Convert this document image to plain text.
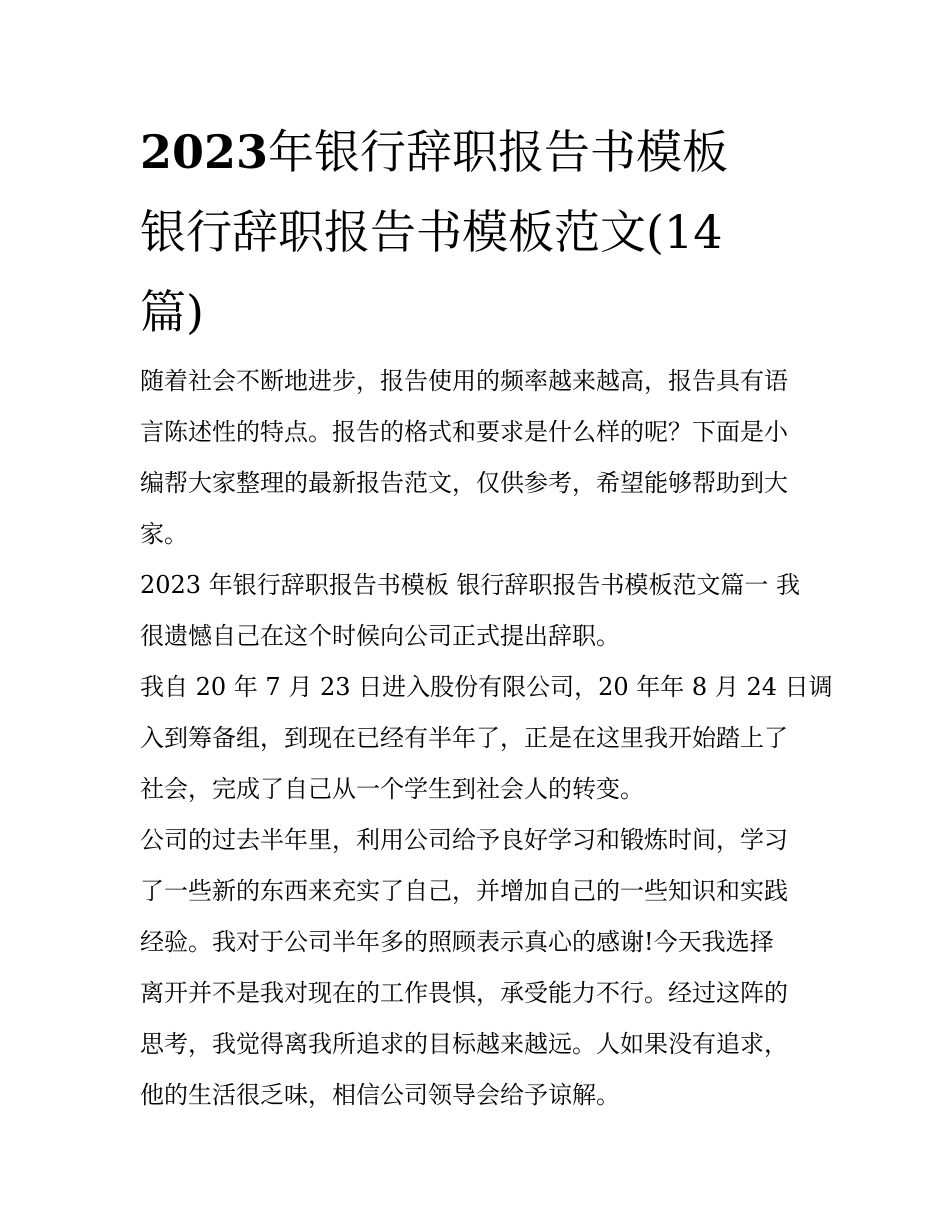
2023年银行辞职报告书模板
银行辞职报告书模板范文(14
篇)
随着社会不断地进步，报告使用的频率越来越高，报告具有语
言陈述性的特点。报告的格式和要求是什么样的呢？下面是小
编帮大家整理的最新报告范文，仅供参考，希望能够帮助到大
家。
2023 年银行辞职报告书模板 银行辞职报告书模板范文篇一 我
很遗憾自己在这个时候向公司正式提出辞职。
我自 20 年 7 月 23 日进入股份有限公司，20 年年 8 月 24 日调
入到筹备组，到现在已经有半年了，正是在这里我开始踏上了
社会，完成了自己从一个学生到社会人的转变。
公司的过去半年里，利用公司给予良好学习和锻炼时间，学习
了一些新的东西来充实了自己，并增加自己的一些知识和实践
经验。我对于公司半年多的照顾表示真心的感谢!今天我选择
离开并不是我对现在的工作畏惧，承受能力不行。经过这阵的
思考，我觉得离我所追求的目标越来越远。人如果没有追求，
他的生活很乏味，相信公司领导会给予谅解。
